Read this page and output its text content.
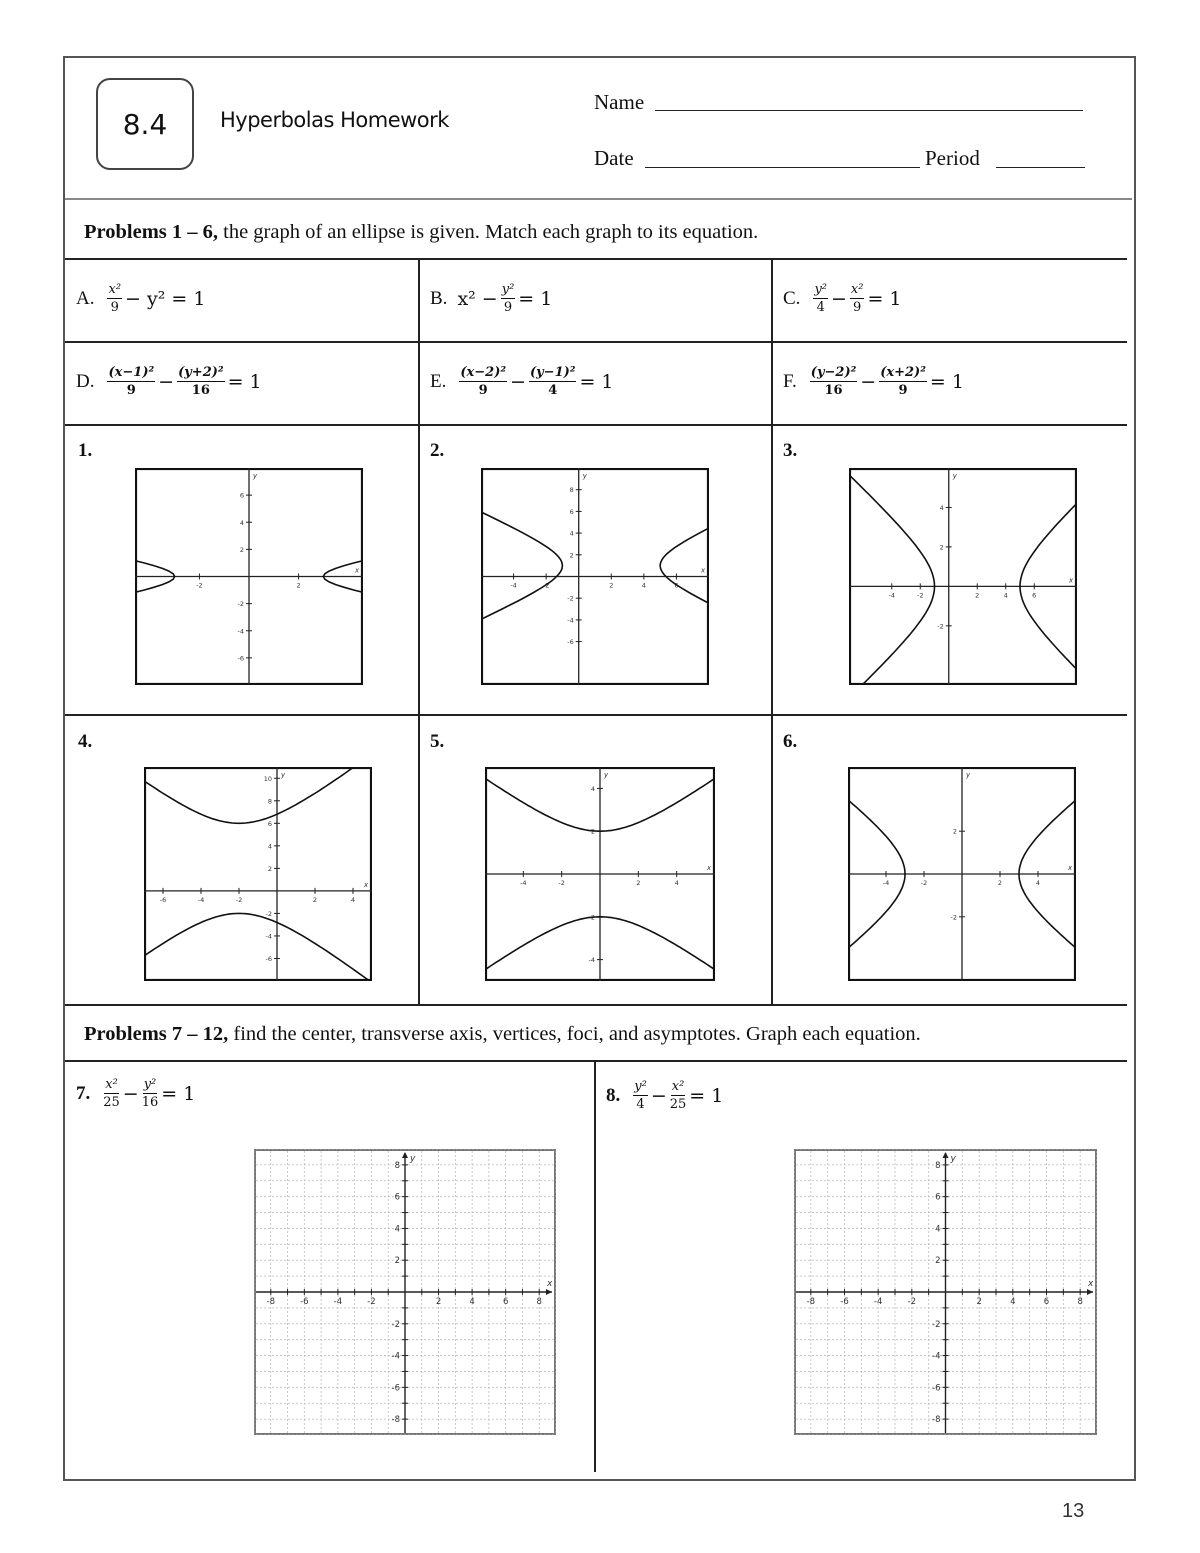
8.4	Hyperbolas Homework
Name
Date	Period
Problems 1 – 6, the graph of an ellipse is given. Match each graph to its equation.
A. $\frac{\text{x²}}{9} - y^2 = 1$	B. $x^2 - \frac{\text{y²}}{9} = 1$	C. $\frac{\text{y²}}{4} - \frac{\text{x²}}{9} = 1$
D. $\frac{\text{(x−1)²}}{9} - \frac{\text{(y+2)²}}{16} = 1$	E. $\frac{\text{(x−2)²}}{9} - \frac{\text{(y−1)²}}{4} = 1$	F. $\frac{\text{(y−2)²}}{16} - \frac{\text{(x+2)²}}{9} = 1$
1.	2.	3.
4.	5.	6.
-2	2
-6
-4
-2
2
4
6
x
y
-4	-2	2	4	6
-6
-4
-2
2
4
6
8
x
y
-4	-2	2	4	6
-2
2
4
x
y
-6	-4	-2	2	4
-6
-4
-2
2
4
6
8
10
x
y
-4	-2	2	4
-4
-2
2
4
x
y
-4	-2	2	4
-2
2
x
y
Problems 7 – 12, find the center, transverse axis, vertices, foci, and asymptotes. Graph each equation.
7. $\frac{\text{x²}}{25} - \frac{\text{y²}}{16} = 1$	8. $\frac{\text{y²}}{4} - \frac{\text{x²}}{25} = 1$
-8
-8
-6
-6
-4
-4
-2
-2
2
2
4
4
6
6
8
8
x
y
-8
-8
-6
-6
-4
-4
-2
-2
2
2
4
4
6
6
8
8
x
y
13
